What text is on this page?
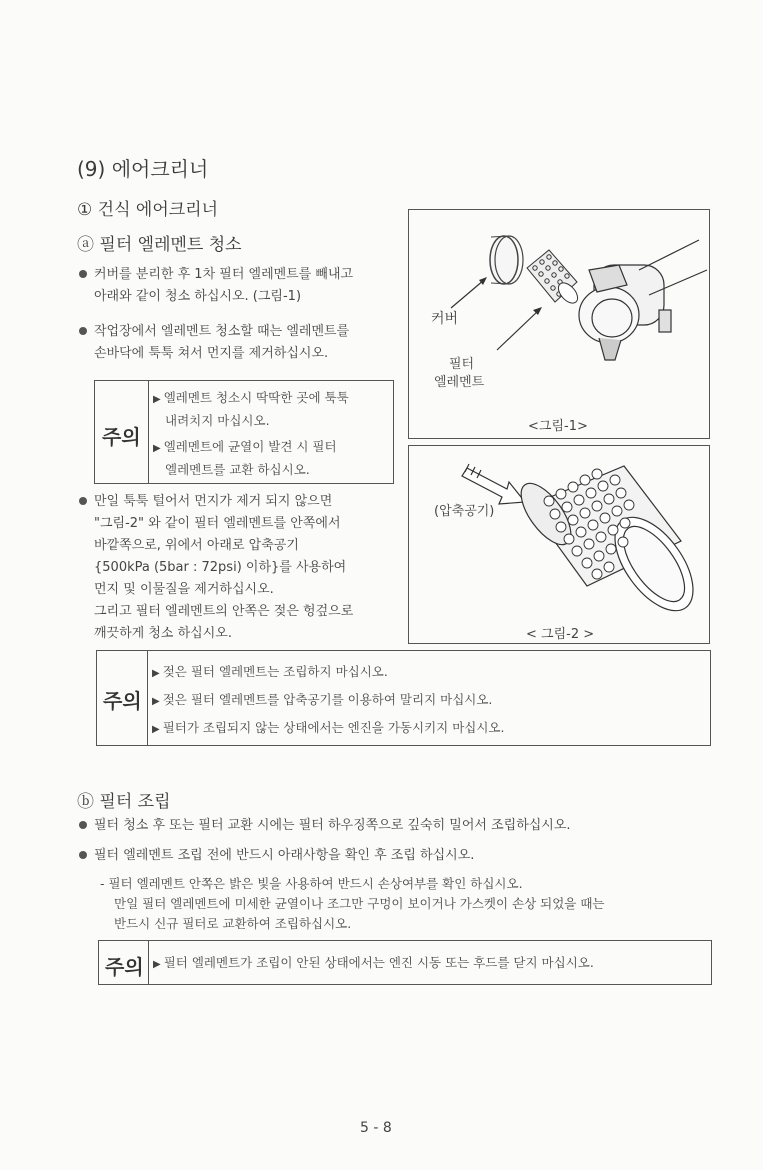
(9) 에어크리너
① 건식 에어크리너
ⓐ 필터 엘레멘트 청소
커버를 분리한 후 1차 필터 엘레멘트를 빼내고
아래와 같이 청소 하십시오. (그림-1)
작업장에서 엘레멘트 청소할 때는 엘레멘트를
손바닥에 툭툭 쳐서 먼지를 제거하십시오.
주의
▶ 엘레멘트 청소시 딱딱한 곳에 툭툭
내려치지 마십시오.
▶ 엘레멘트에 균열이 발견 시 필터
엘레멘트를 교환 하십시오.
만일 툭툭 털어서 먼지가 제거 되지 않으면
"그림-2" 와 같이 필터 엘레멘트를 안쪽에서
바깥쪽으로, 위에서 아래로 압축공기
{500kPa (5bar : 72psi) 이하}를 사용하여
먼지 및 이물질을 제거하십시오.
그리고 필터 엘레멘트의 안쪽은 젖은 헝겊으로
깨끗하게 청소 하십시오.
커버
필터
엘레멘트
<그림-1>
(압축공기)
< 그림-2 >
주의
▶ 젖은 필터 엘레멘트는 조립하지 마십시오.
▶ 젖은 필터 엘레멘트를 압축공기를 이용하여 말리지 마십시오.
▶ 필터가 조립되지 않는 상태에서는 엔진을 가동시키지 마십시오.
ⓑ 필터 조립
필터 청소 후 또는 필터 교환 시에는 필터 하우징쪽으로 깊숙히 밀어서 조립하십시오.
필터 엘레멘트 조립 전에 반드시 아래사항을 확인 후 조립 하십시오.
- 필터 엘레멘트 안쪽은 밝은 빛을 사용하여 반드시 손상여부를 확인 하십시오.
만일 필터 엘레멘트에 미세한 균열이나 조그만 구멍이 보이거나 가스켓이 손상 되었을 때는
반드시 신규 필터로 교환하여 조립하십시오.
주의 ▶ 필터 엘레멘트가 조립이 안된 상태에서는 엔진 시동 또는 후드를 닫지 마십시오.
5 - 8
